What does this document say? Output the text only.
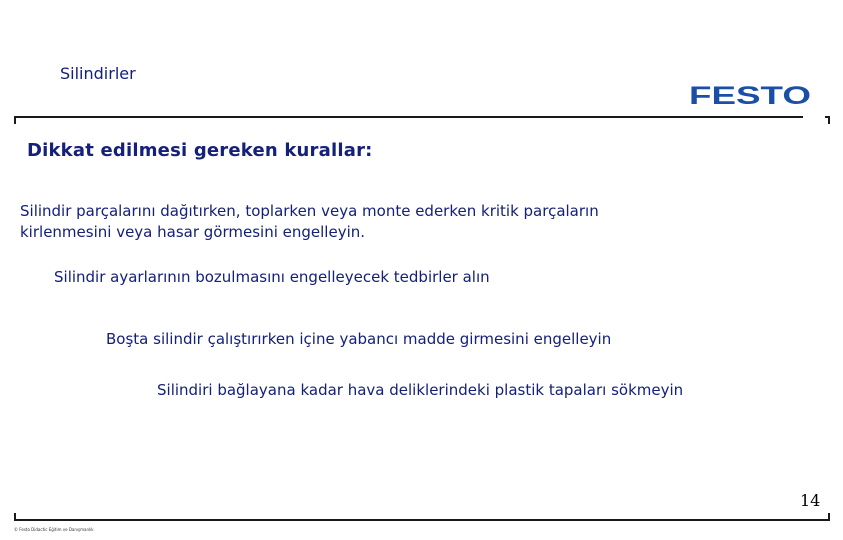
Silindirler
FESTO
Dikkat edilmesi gereken kurallar:
Silindir parçalarını dağıtırken, toplarken veya monte ederken kritik parçaların
kirlenmesini veya hasar görmesini engelleyin.
Silindir ayarlarının bozulmasını engelleyecek tedbirler alın
Boşta silindir çalıştırırken içine yabancı madde girmesini engelleyin
Silindiri bağlayana kadar hava deliklerindeki plastik tapaları sökmeyin
14
© Festo Didactic Eğitim ve Danışmanlık
